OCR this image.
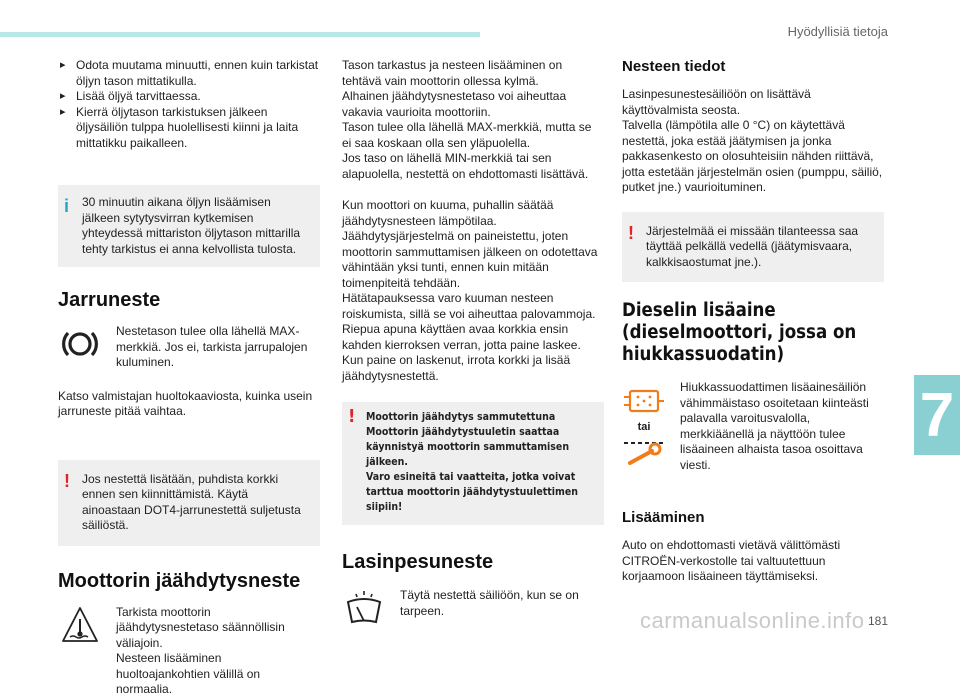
Hyödyllisiä tietoja
▸ Odota muutama minuutti, ennen kuin tarkistat öljyn tason mittatikulla.
▸ Lisää öljyä tarvittaessa.
▸ Kierrä öljytason tarkistuksen jälkeen öljysäiliön tulppa huolellisesti kiinni ja laita mittatikku paikalleen.
i 30 minuutin aikana öljyn lisäämisen jälkeen sytytysvirran kytkemisen yhteydessä mittariston öljytason mittarilla tehty tarkistus ei anna kelvollista tulosta.

Jarruneste

Nestetason tulee olla lähellä MAX-merkkiä. Jos ei, tarkista jarrupalojen kuluminen.

Katso valmistajan huoltokaaviosta, kuinka usein jarruneste pitää vaihtaa.

! Jos nestettä lisätään, puhdista korkki ennen sen kiinnittämistä. Käytä ainoastaan DOT4-jarrunestettä suljetusta säiliöstä.

Moottorin jäähdytysneste

Tarkista moottorin jäähdytysnestetaso säännöllisin väliajoin.

Nesteen lisääminen huoltoajankohtien välillä on normaalia.

Tason tarkastus ja nesteen lisääminen on tehtävä vain moottorin ollessa kylmä.

Alhainen jäähdytysnestetaso voi aiheuttaa vakavia vaurioita moottoriin.

Tason tulee olla lähellä MAX-merkkiä, mutta se ei saa koskaan olla sen yläpuolella.

Jos taso on lähellä MIN-merkkiä tai sen alapuolella, nestettä on ehdottomasti lisättävä.

Kun moottori on kuuma, puhallin säätää jäähdytysnesteen lämpötilaa.

Jäähdytysjärjestelmä on paineistettu, joten moottorin sammuttamisen jälkeen on odotettava vähintään yksi tunti, ennen kuin mitään toimenpiteitä tehdään.

Hätätapauksessa varo kuuman nesteen roiskumista, sillä se voi aiheuttaa palovammoja. Riepua apuna käyttäen avaa korkkia ensin kahden kierroksen verran, jotta paine laskee. Kun paine on laskenut, irrota korkki ja lisää jäähdytysnestettä.

! Moottorin jäähdytys sammutettuna

Moottorin jäähdytystuuletin saattaa käynnistyä moottorin sammuttamisen jälkeen.

Varo esineitä tai vaatteita, jotka voivat tarttua moottorin jäähdytystuulettimen siipiin!

Lasinpesuneste

Täytä nestettä säiliöön, kun se on tarpeen.

Nesteen tiedot

Lasinpesunestesäiliöön on lisättävä käyttövalmista seosta.

Talvella (lämpötila alle 0 °C) on käytettävä nestettä, joka estää jäätymisen ja jonka pakkasenkesto on olosuhteisiin nähden riittävä, jotta estetään järjestelmän osien (pumppu, säiliö, putket jne.) vaurioituminen.

! Järjestelmää ei missään tilanteessa saa täyttää pelkällä vedellä (jäätymisvaara, kalkkisaostumat jne.).

Dieselin lisäaine (dieselmoottori, jossa on hiukkassuodatin)
tai

Hiukkassuodattimen lisäainesäiliön vähimmäistaso osoitetaan kiinteästi palavalla varoitusvalolla, merkkiäänellä ja näyttöön tulee lisäaineen alhaista tasoa osoittava viesti.

Lisääminen

Auto on ehdottomasti vietävä välittömästi CITROËN-verkostolle tai valtuutettuun korjaamoon lisäaineen täyttämiseksi.

7
carmanualsonline.info 181
